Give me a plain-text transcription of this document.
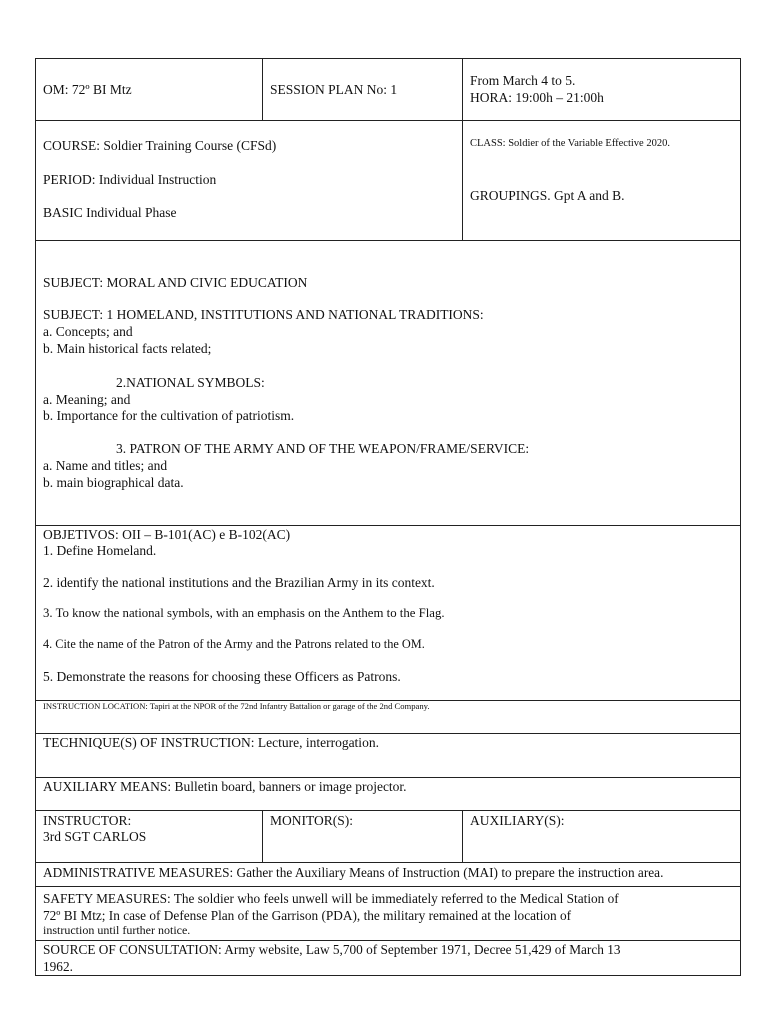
OM: 72º BI Mtz	SESSION PLAN No: 1
From March 4 to 5.
HORA: 19:00h – 21:00h
COURSE: Soldier Training Course (CFSd)
PERIOD: Individual Instruction
BASIC Individual Phase
CLASS: Soldier of the Variable Effective 2020.
GROUPINGS. Gpt A and B.
SUBJECT: MORAL AND CIVIC EDUCATION
SUBJECT: 1 HOMELAND, INSTITUTIONS AND NATIONAL TRADITIONS:
a. Concepts; and
b. Main historical facts related;
2.NATIONAL SYMBOLS:
a. Meaning; and
b. Importance for the cultivation of patriotism.
3. PATRON OF THE ARMY AND OF THE WEAPON/FRAME/SERVICE:
a. Name and titles; and
b. main biographical data.
OBJETIVOS: OII – B-101(AC) e B-102(AC)
1. Define Homeland.
2. identify the national institutions and the Brazilian Army in its context.
3. To know the national symbols, with an emphasis on the Anthem to the Flag.
4. Cite the name of the Patron of the Army and the Patrons related to the OM.
5. Demonstrate the reasons for choosing these Officers as Patrons.
INSTRUCTION LOCATION: Tapiri at the NPOR of the 72nd Infantry Battalion or garage of the 2nd Company.
TECHNIQUE(S) OF INSTRUCTION: Lecture, interrogation.
AUXILIARY MEANS: Bulletin board, banners or image projector.
INSTRUCTOR:
3rd SGT CARLOS
MONITOR(S):	AUXILIARY(S):
ADMINISTRATIVE MEASURES: Gather the Auxiliary Means of Instruction (MAI) to prepare the instruction area.
SAFETY MEASURES: The soldier who feels unwell will be immediately referred to the Medical Station of
72º BI Mtz; In case of Defense Plan of the Garrison (PDA), the military remained at the location of
instruction until further notice.
SOURCE OF CONSULTATION: Army website, Law 5,700 of September 1971, Decree 51,429 of March 13
1962.
